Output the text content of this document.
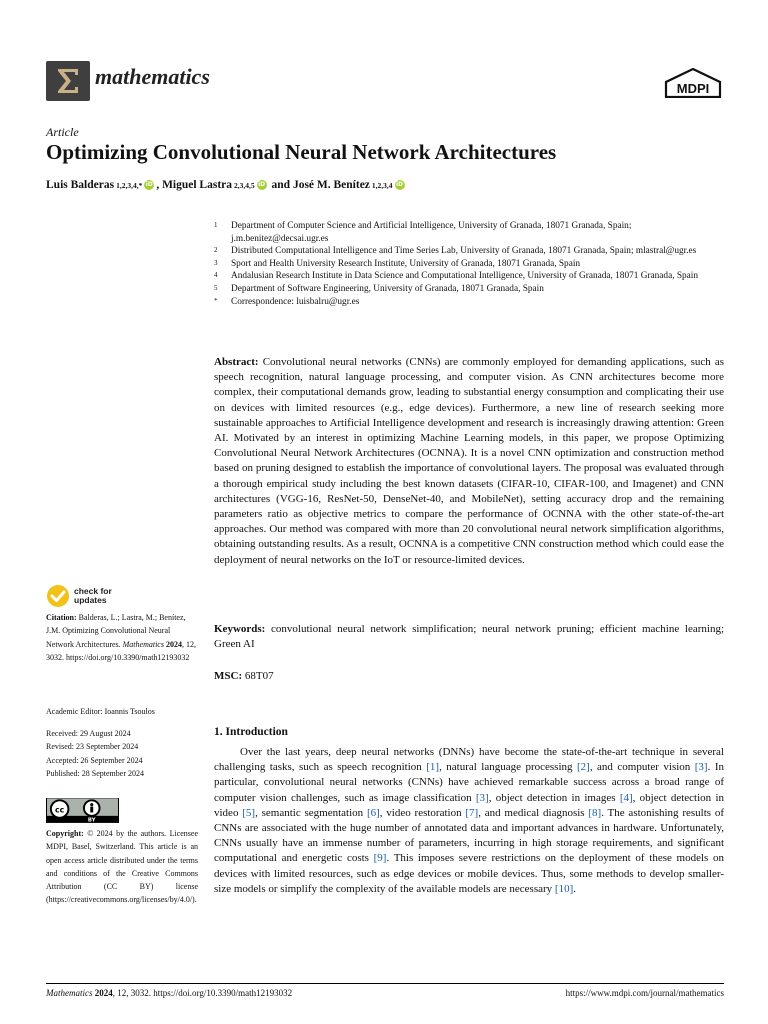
mathematics	MDPI
Article
Optimizing Convolutional Neural Network Architectures
Luis Balderas 1,2,3,4,* iD , Miguel Lastra 2,3,4,5 iD and José M. Benítez 1,2,3,4 iD
1	Department of Computer Science and Artificial Intelligence, University of Granada, 18071 Granada, Spain; j.m.benitez@decsai.ugr.es
2	Distributed Computational Intelligence and Time Series Lab, University of Granada, 18071 Granada, Spain; mlastral@ugr.es
3	Sport and Health University Research Institute, University of Granada, 18071 Granada, Spain
4	Andalusian Research Institute in Data Science and Computational Intelligence, University of Granada, 18071 Granada, Spain
5	Department of Software Engineering, University of Granada, 18071 Granada, Spain
*	Correspondence: luisbalru@ugr.es
Abstract: Convolutional neural networks (CNNs) are commonly employed for demanding applications, such as speech recognition, natural language processing, and computer vision. As CNN architectures become more complex, their computational demands grow, leading to substantial energy consumption and complicating their use on devices with limited resources (e.g., edge devices). Furthermore, a new line of research seeking more sustainable approaches to Artificial Intelligence development and research is increasingly drawing attention: Green AI. Motivated by an interest in optimizing Machine Learning models, in this paper, we propose Optimizing Convolutional Neural Network Architectures (OCNNA). It is a novel CNN optimization and construction method based on pruning designed to establish the importance of convolutional layers. The proposal was evaluated through a thorough empirical study including the best known datasets (CIFAR-10, CIFAR-100, and Imagenet) and CNN architectures (VGG-16, ResNet-50, DenseNet-40, and MobileNet), setting accuracy drop and the remaining parameters ratio as objective metrics to compare the performance of OCNNA with the other state-of-the-art approaches. Our method was compared with more than 20 convolutional neural network simplification algorithms, obtaining outstanding results. As a result, OCNNA is a competitive CNN construction method which could ease the deployment of neural networks on the IoT or resource-limited devices.
Keywords: convolutional neural network simplification; neural network pruning; efficient machine learning; Green AI
MSC: 68T07
1. Introduction
Over the last years, deep neural networks (DNNs) have become the state-of-the-art technique in several challenging tasks, such as speech recognition [1], natural language processing [2], and computer vision [3]. In particular, convolutional neural networks (CNNs) have achieved remarkable success across a broad range of computer vision challenges, such as image classification [3], object detection in images [4], object detection in video [5], semantic segmentation [6], video restoration [7], and medical diagnosis [8]. The astonishing results of CNNs are associated with the huge number of annotated data and important advances in hardware. Unfortunately, CNNs usually have an immense number of parameters, incurring in high storage requirements, and significant computational and energetic costs [9]. This imposes severe restrictions on the deployment of these models on devices with limited resources, such as edge devices or mobile devices. Thus, some methods to develop smaller-size models or simplify the complexity of the available models are necessary [10].
check for
updates
Citation: Balderas, L.; Lastra, M.; Benítez, J.M. Optimizing Convolutional Neural Network Architectures. Mathematics 2024, 12, 3032. https://doi.org/10.3390/math12193032
Academic Editor: Ioannis Tsoulos
Received: 29 August 2024
Revised: 23 September 2024
Accepted: 26 September 2024
Published: 28 September 2024
cc
BY
Copyright: © 2024 by the authors. Licensee MDPI, Basel, Switzerland. This article is an open access article distributed under the terms and conditions of the Creative Commons Attribution (CC BY) license (https://creativecommons.org/licenses/by/4.0/).
Mathematics 2024, 12, 3032. https://doi.org/10.3390/math12193032	https://www.mdpi.com/journal/mathematics
